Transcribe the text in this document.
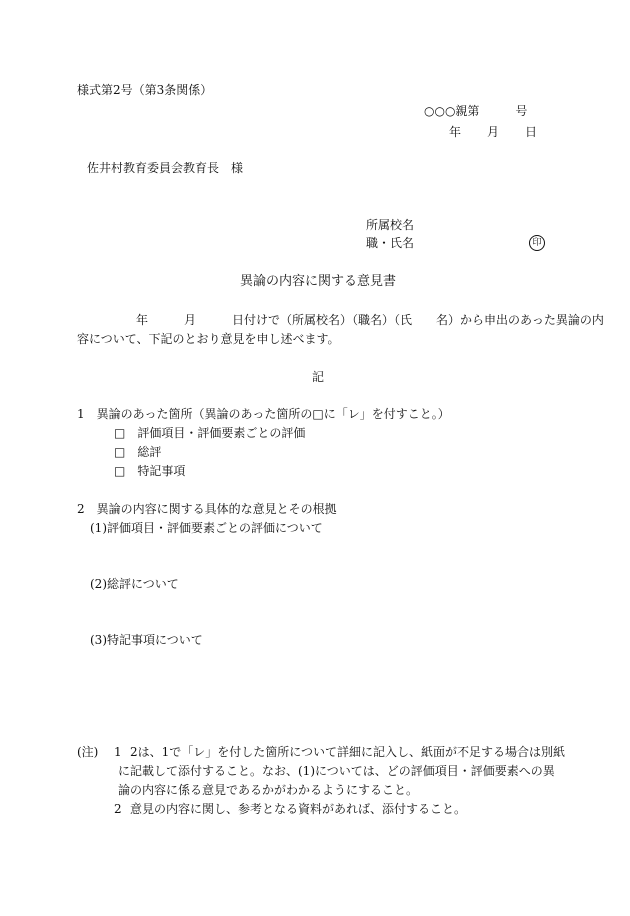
様式第2号（第3条関係）
○○○親第　　　号
年 月 日
佐井村教育委員会教育長　様
所属校名
職・氏名	印
異論の内容に関する意見書
年	月	日付けで（所属校名）（職名）（氏　　名）から申出のあった異論の内
容について、下記のとおり意見を申し述べます。
記
1　異論のあった箇所（異論のあった箇所の□に「レ」を付すこと。）
□　 評価項目・評価要素ごとの評価
□　 総評
□　 特記事項
2　異論の内容に関する具体的な意見とその根拠
(1)評価項目・評価要素ごとの評価について
(2)総評について
(3)特記事項について
(注) 1 2は、1で「レ」を付した箇所について詳細に記入し、紙面が不足する場合は別紙
に記載して添付すること。なお、(1)については、どの評価項目・評価要素への異
論の内容に係る意見であるかがわかるようにすること。
2 意見の内容に関し、参考となる資料があれば、添付すること。
